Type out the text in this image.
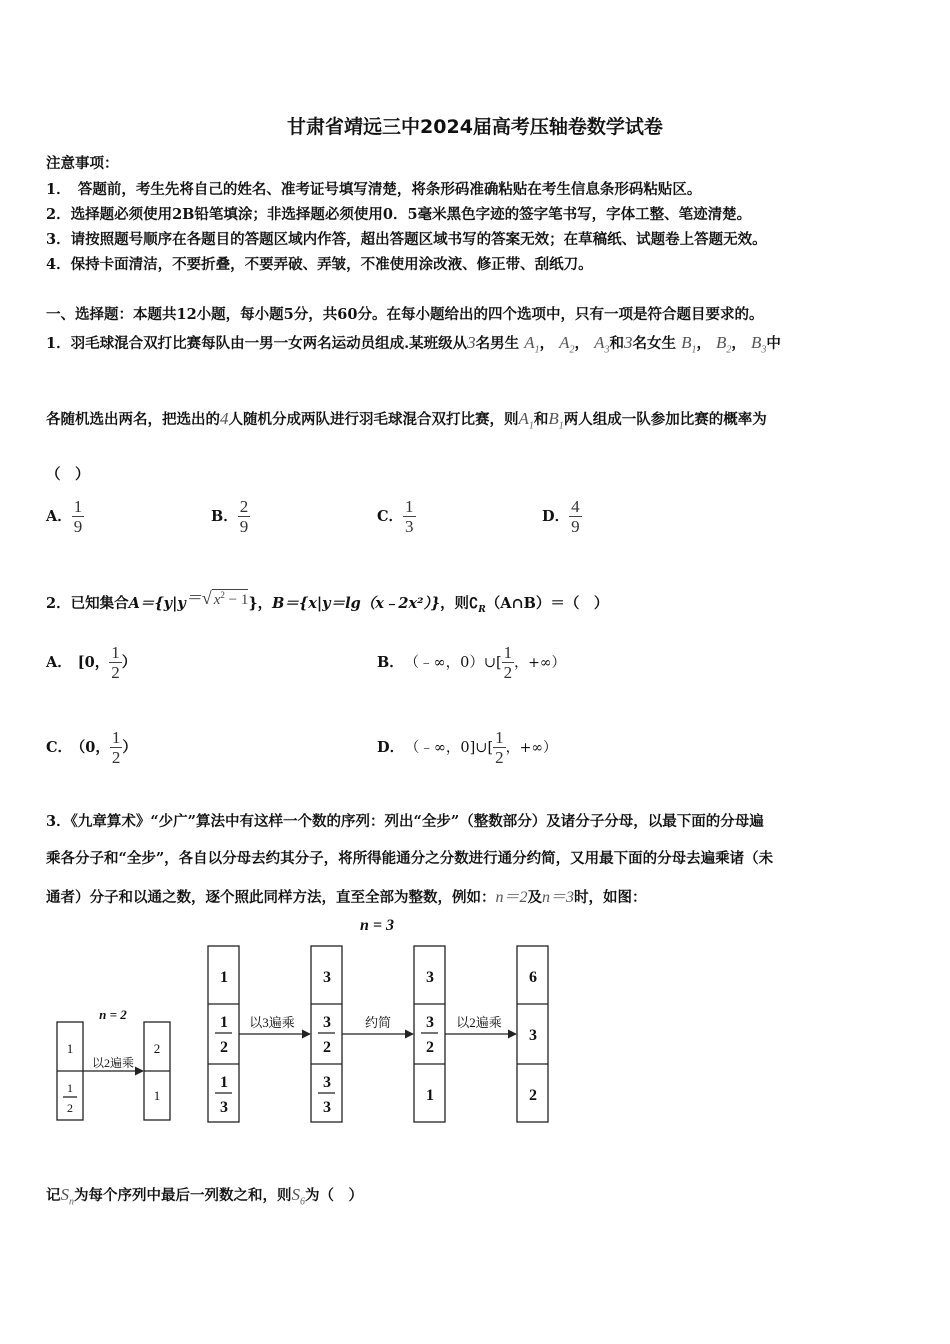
甘肃省靖远三中2024届高考压轴卷数学试卷
注意事项：
1．　答题前，考生先将自己的姓名、准考证号填写清楚，将条形码准确粘贴在考生信息条形码粘贴区。
2．选择题必须使用2B铅笔填涂；非选择题必须使用0．5毫米黑色字迹的签字笔书写，字体工整、笔迹清楚。
3．请按照题号顺序在各题目的答题区域内作答，超出答题区域书写的答案无效；在草稿纸、试题卷上答题无效。
4．保持卡面清洁，不要折叠，不要弄破、弄皱，不准使用涂改液、修正带、刮纸刀。
一、选择题：本题共12小题，每小题5分，共60分。在每小题给出的四个选项中，只有一项是符合题目要求的。
1．羽毛球混合双打比赛每队由一男一女两名运动员组成.某班级从3名男生 $A_1$， $A_2$， $A_3$和3名女生 $B_1$， $B_2$， $B_3$中
各随机选出两名，把选出的4人随机分成两队进行羽毛球混合双打比赛，则$A_1$和$B_1$两人组成一队参加比赛的概率为
（　）
A． $\frac{1}{9}$	B． $\frac{2}{9}$	C． $\frac{1}{3}$	D． $\frac{4}{9}$
2．已知集合A＝{y|y＝√ $x^2 - 1$}，B＝{x|y＝lg（x﹣2x²）}，则$∁_R(A\cap B)=$（　）
A． [0， $\frac{1}{2}$ ）	B． （﹣∞，0）∪[ $\frac{1}{2}$ ，+∞）
C． （0， $\frac{1}{2}$ ）	D． （﹣∞，0]∪[ $\frac{1}{2}$ ，+∞）
3．《九章算术》“少广”算法中有这样一个数的序列：列出“全步”（整数部分）及诸分子分母，以最下面的分母遍
乘各分子和“全步”，各自以分母去约其分子，将所得能通分之分数进行通分约简，又用最下面的分母去遍乘诸（未
通者）分子和以通之数，逐个照此同样方法，直至全部为整数，例如：n＝2及n＝3时，如图：
n = 3
n = 2
以2遍乘
以3遍乘	约简	以2遍乘
1
1
2
2
1
1
1
2
1
3
3
3
2
3
3
3
3
2
1
6
3
2
记$S_n$为每个序列中最后一列数之和，则$S_6$为（　）
